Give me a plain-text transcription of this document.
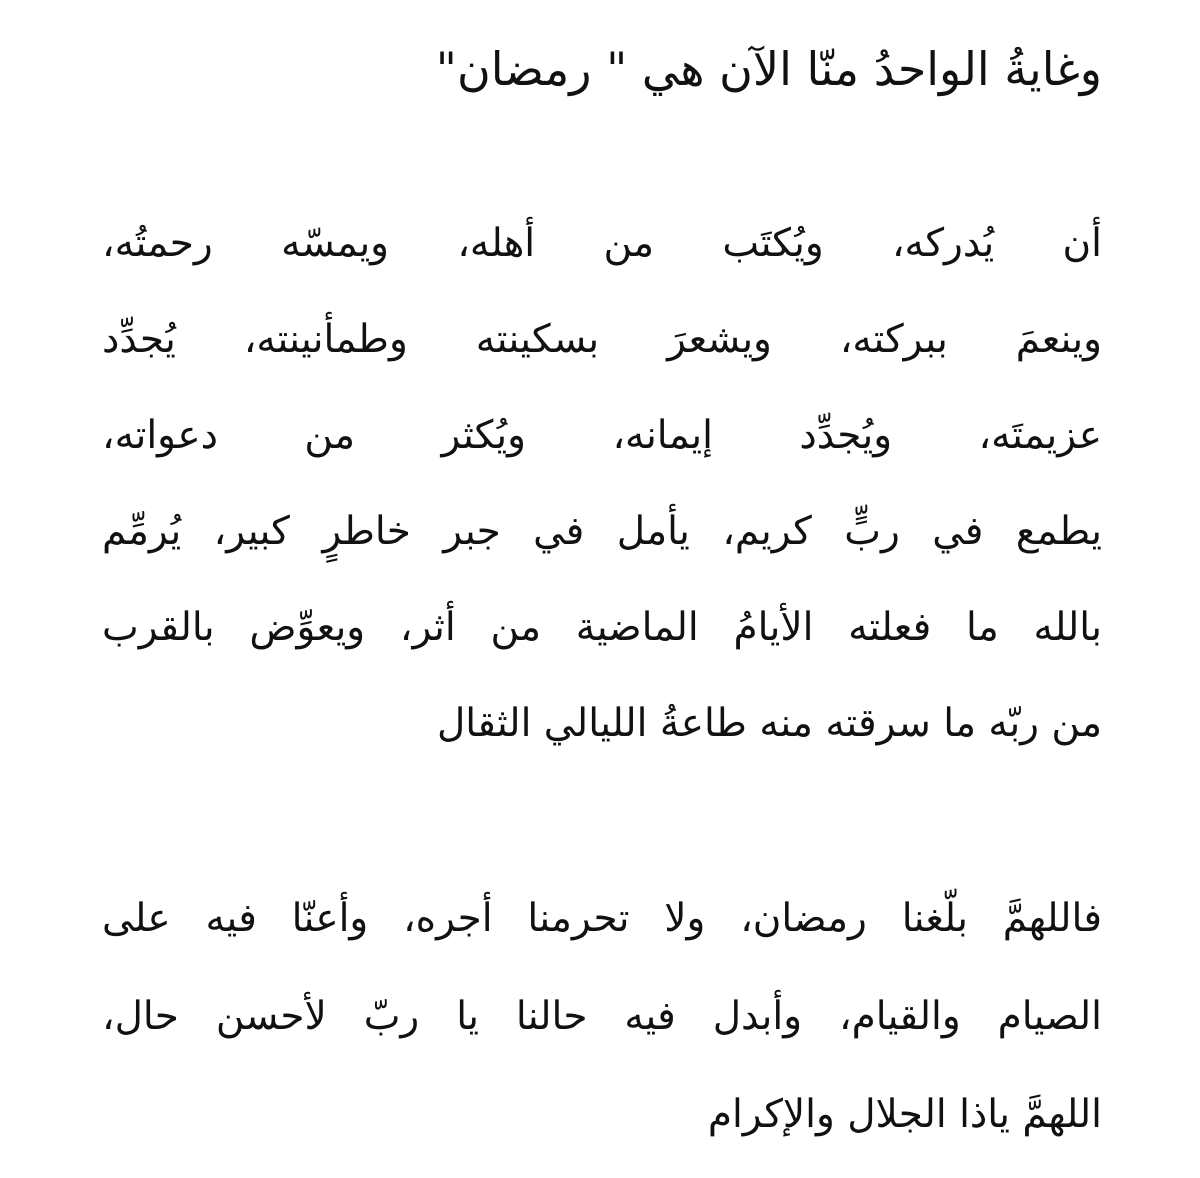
وغايةُ الواحدُ منّا الآن هي " رمضان"
أن يُدركه، ويُكتَب من أهله، ويمسّه رحمتُه،
وينعمَ ببركته، ويشعرَ بسكينته وطمأنينته، يُجدِّد
عزيمتَه، ويُجدِّد إيمانه، ويُكثر من دعواته،
يطمع في ربٍّ كريم، يأمل في جبر خاطرٍ كبير، يُرمِّم
بالله ما فعلته الأيامُ الماضية من أثر، ويعوِّض بالقرب
من ربّه ما سرقته منه طاعةُ الليالي الثقال
فاللهمَّ بلّغنا رمضان، ولا تحرمنا أجره، وأعنّا فيه على
الصيام والقيام، وأبدل فيه حالنا يا ربّ لأحسن حال،
اللهمَّ ياذا الجلال والإكرام
